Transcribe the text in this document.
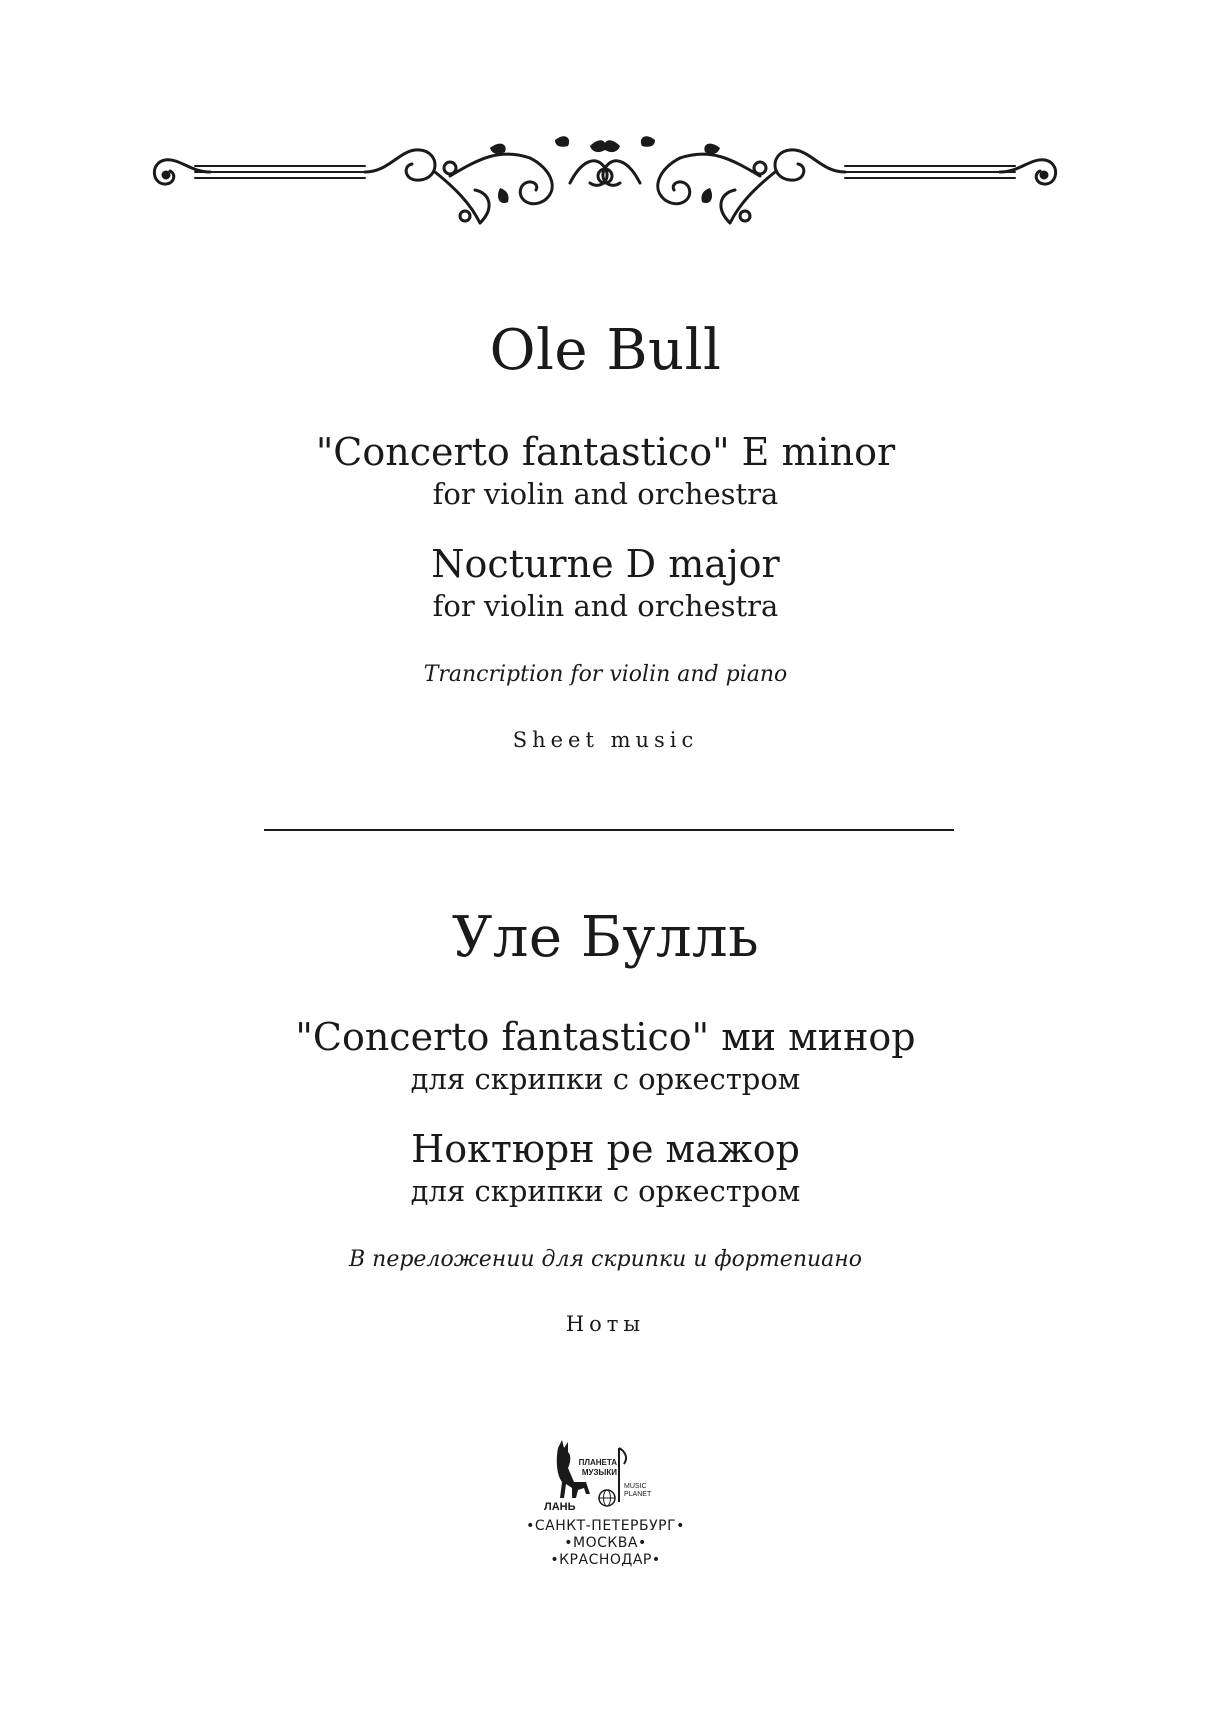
Ole Bull
"Concerto fantastico" E minor
for violin and orchestra
Nocturne D major
for violin and orchestra
Trancription for violin and piano
Sheet music
Уле Булль
"Concerto fantastico" ми минор
для скрипки с оркестром
Ноктюрн ре мажор
для скрипки с оркестром
В переложении для скрипки и фортепиано
Ноты
ПЛАНЕТА
МУЗЫКИ
ЛАНЬ
MUSIC
PLANET
•САНКТ-ПЕТЕРБУРГ•
•МОСКВА•
•КРАСНОДАР•
